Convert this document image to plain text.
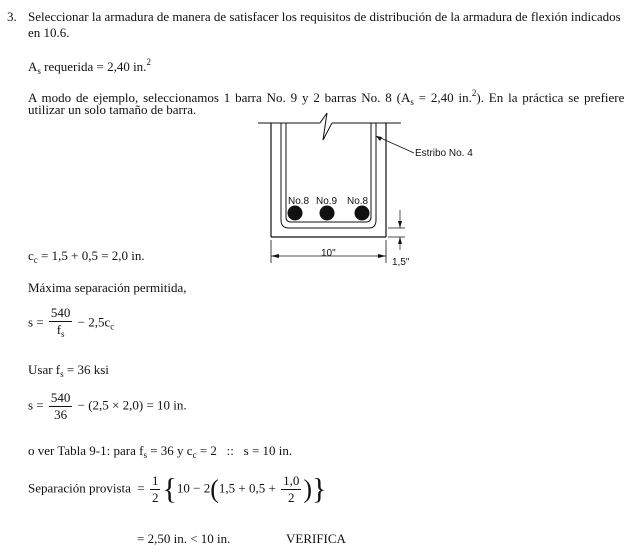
3. Seleccionar la armadura de manera de satisfacer los requisitos de distribución de la armadura de flexión indicados
en 10.6.
$A_s$ requerida = 2,40 in.$^2$
A modo de ejemplo, seleccionamos 1 barra No. 9 y 2 barras No. 8 ($A_s = 2,40$ in.$^2$). En la práctica se prefiere
utilizar un solo tamaño de barra.
Estribo No. 4
No.8 No.9 No.8
10"
1,5"
$c_c = 1,5 + 0,5 = 2,0$ in.
Máxima separación permitida,
$s = \frac{540}{f_s} - 2,5c_c$
Usar $f_s = 36$ ksi
$s = \frac{540}{36} - (2,5 \times 2,0) = 10$ in.
o ver Tabla 9-1: para $f_s = 36$ y $c_c = 2$   ::   s = 10 in.
Separación provista = $\frac{1}{2} \{10 - 2(1,5 + 0,5 + \frac{1,0}{2}$ )}
= 2,50 in. < 10 in.	VERIFICA
